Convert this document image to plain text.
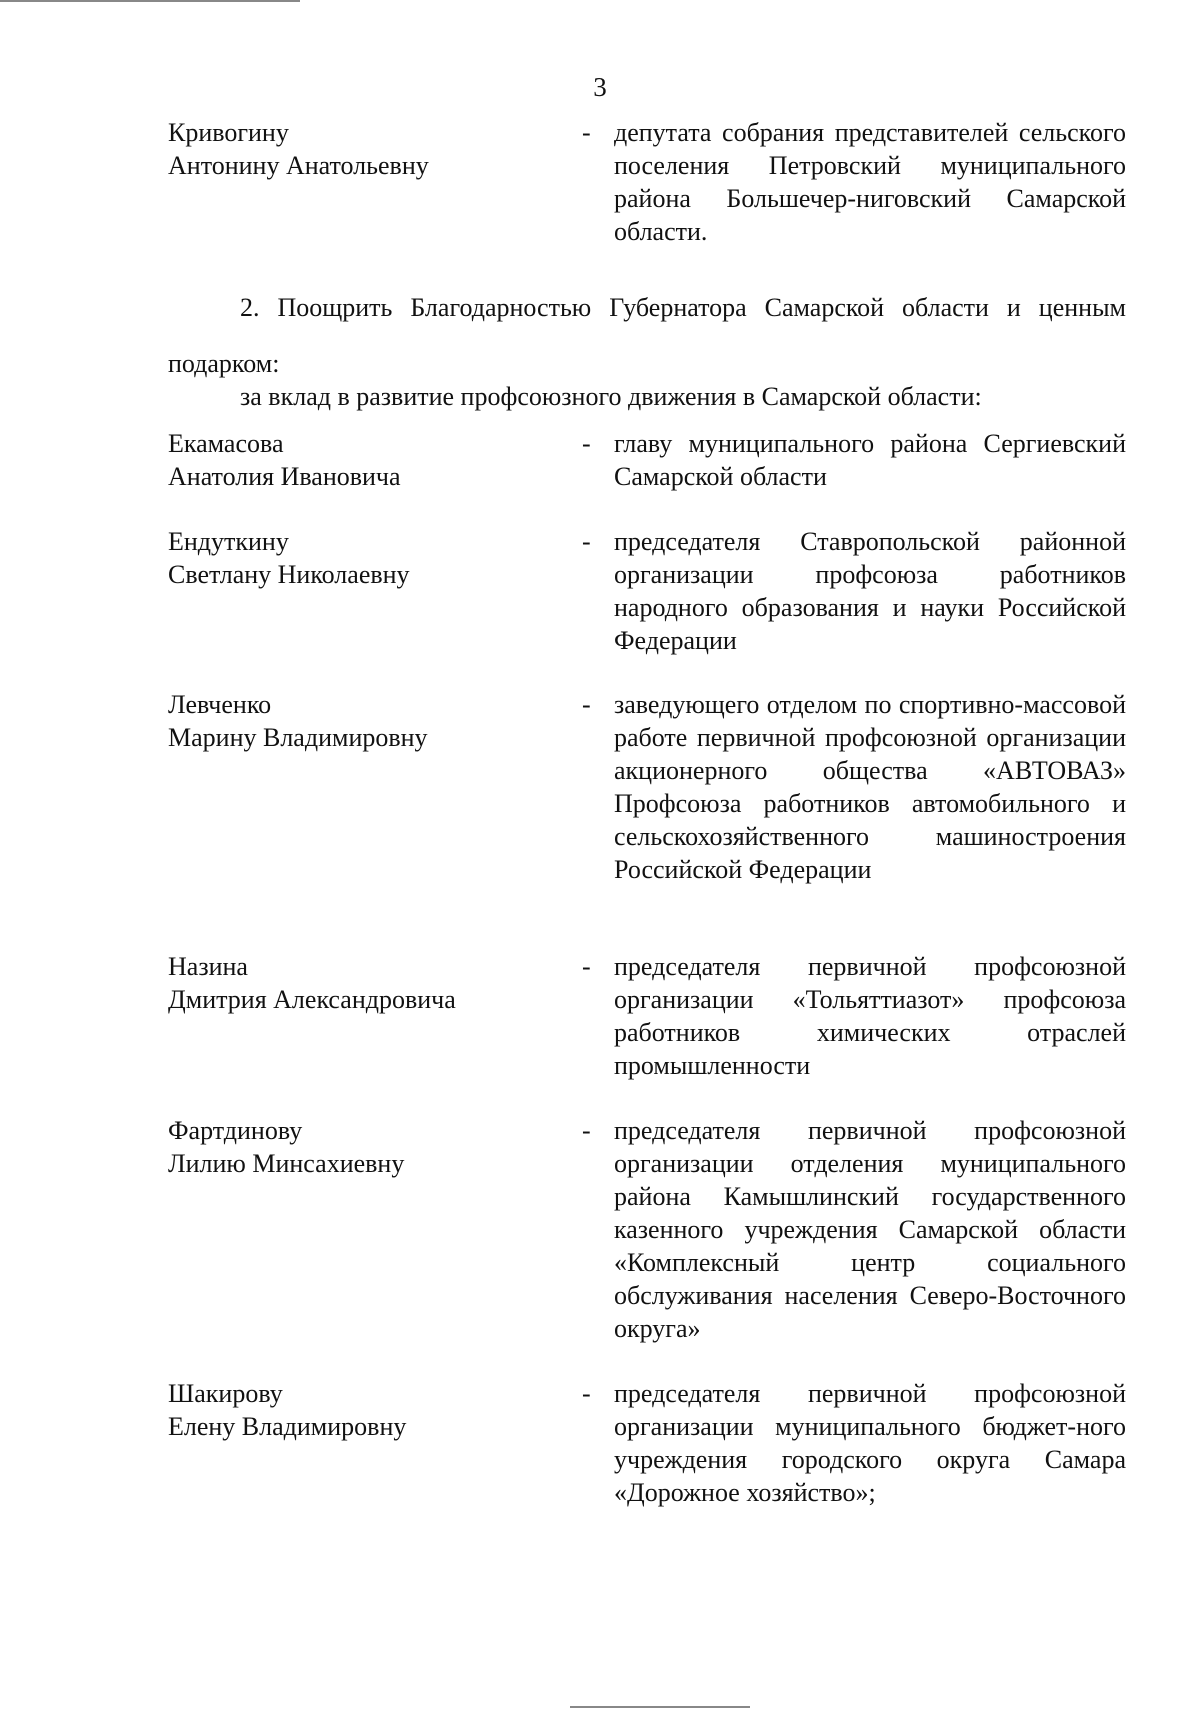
3
Кривогину
Антонину Анатольевну
- депутата собрания представителей сельского поселения Петровский муниципального района Большечер-ниговский Самарской области.
2. Поощрить Благодарностью Губернатора Самарской области и ценным подарком:
за вклад в развитие профсоюзного движения в Самарской области:
Екамасова
Анатолия Ивановича
- главу муниципального района Сергиевский Самарской области
Ендуткину
Светлану Николаевну
- председателя Ставропольской районной организации профсоюза работников народного образования и науки Российской Федерации
Левченко
Марину Владимировну
- заведующего отделом по спортивно-массовой работе первичной профсоюзной организации акционерного общества «АВТОВАЗ» Профсоюза работников автомобильного и сельскохозяйственного машиностроения Российской Федерации
Назина
Дмитрия Александровича
- председателя первичной профсоюзной организации «Тольяттиазот» профсоюза работников химических отраслей промышленности
Фартдинову
Лилию Минсахиевну
- председателя первичной профсоюзной организации отделения муниципального района Камышлинский государственного казенного учреждения Самарской области «Комплексный центр социального обслуживания населения Северо-Восточного округа»
Шакирову
Елену Владимировну
- председателя первичной профсоюзной организации муниципального бюджет-ного учреждения городского округа Самара «Дорожное хозяйство»;
